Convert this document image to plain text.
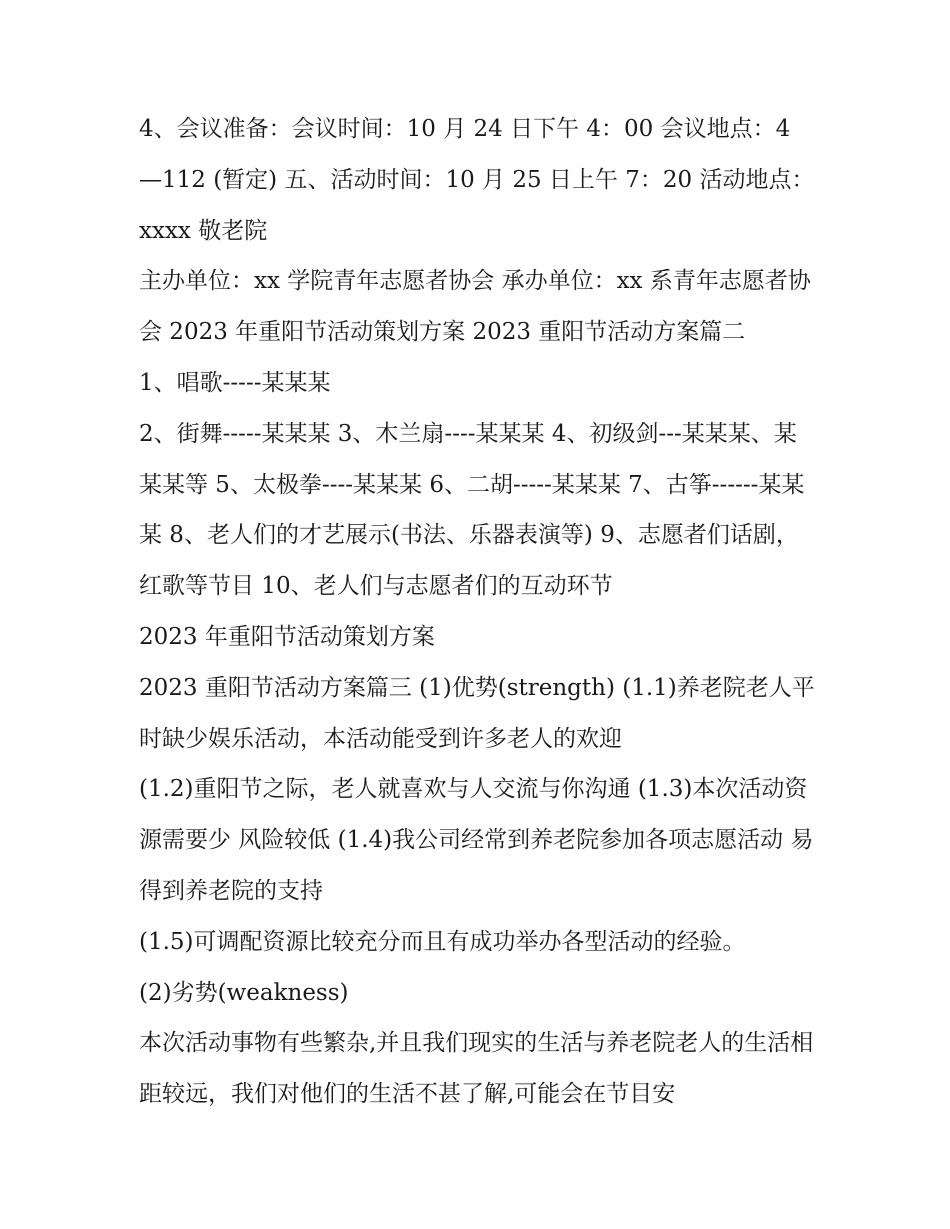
4、会议准备：会议时间：10 月 24 日下午 4：00 会议地点：4 —112 (暂定) 五、活动时间：10 月 25 日上午 7：20 活动地点：xxxx 敬老院

主办单位：xx 学院青年志愿者协会 承办单位：xx 系青年志愿者协会 2023 年重阳节活动策划方案 2023 重阳节活动方案篇二

1、唱歌-----某某某

2、街舞-----某某某 3、木兰扇----某某某 4、初级剑---某某某、某某某等 5、太极拳----某某某 6、二胡-----某某某 7、古筝------某某某 8、老人们的才艺展示(书法、乐器表演等) 9、志愿者们话剧，红歌等节目 10、老人们与志愿者们的互动环节

2023 年重阳节活动策划方案

2023 重阳节活动方案篇三 (1)优势(strength) (1.1)养老院老人平时缺少娱乐活动，本活动能受到许多老人的欢迎

(1.2)重阳节之际，老人就喜欢与人交流与你沟通 (1.3)本次活动资源需要少 风险较低 (1.4)我公司经常到养老院参加各项志愿活动 易得到养老院的支持

(1.5)可调配资源比较充分而且有成功举办各型活动的经验。

(2)劣势(weakness)

本次活动事物有些繁杂,并且我们现实的生活与养老院老人的生活相距较远，我们对他们的生活不甚了解,可能会在节目安
